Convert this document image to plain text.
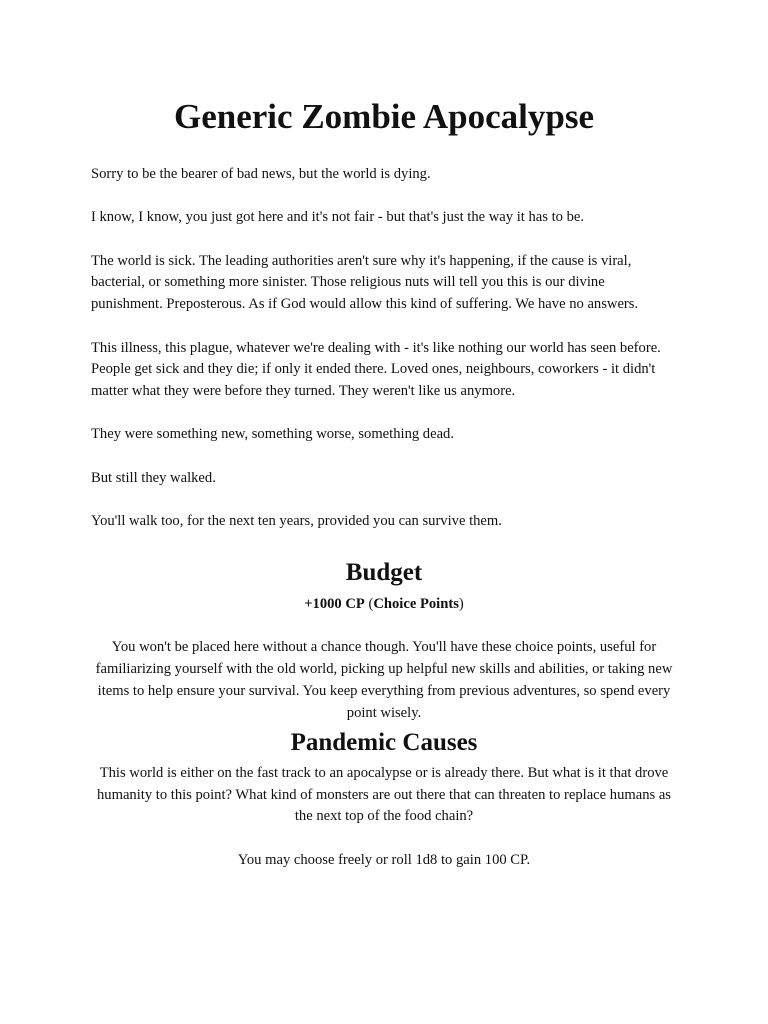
Generic Zombie Apocalypse

Sorry to be the bearer of bad news, but the world is dying.

I know, I know, you just got here and it's not fair - but that's just the way it has to be.

The world is sick. The leading authorities aren't sure why it's happening, if the cause is viral, bacterial, or something more sinister. Those religious nuts will tell you this is our divine punishment. Preposterous. As if God would allow this kind of suffering. We have no answers.

This illness, this plague, whatever we're dealing with - it's like nothing our world has seen before. People get sick and they die; if only it ended there. Loved ones, neighbours, coworkers - it didn't matter what they were before they turned. They weren't like us anymore.

They were something new, something worse, something dead.

But still they walked.

You'll walk too, for the next ten years, provided you can survive them.

Budget

+1000 CP (Choice Points)

You won't be placed here without a chance though. You'll have these choice points, useful for familiarizing yourself with the old world, picking up helpful new skills and abilities, or taking new items to help ensure your survival. You keep everything from previous adventures, so spend every point wisely.

Pandemic Causes

This world is either on the fast track to an apocalypse or is already there. But what is it that drove humanity to this point? What kind of monsters are out there that can threaten to replace humans as the next top of the food chain?

You may choose freely or roll 1d8 to gain 100 CP.
